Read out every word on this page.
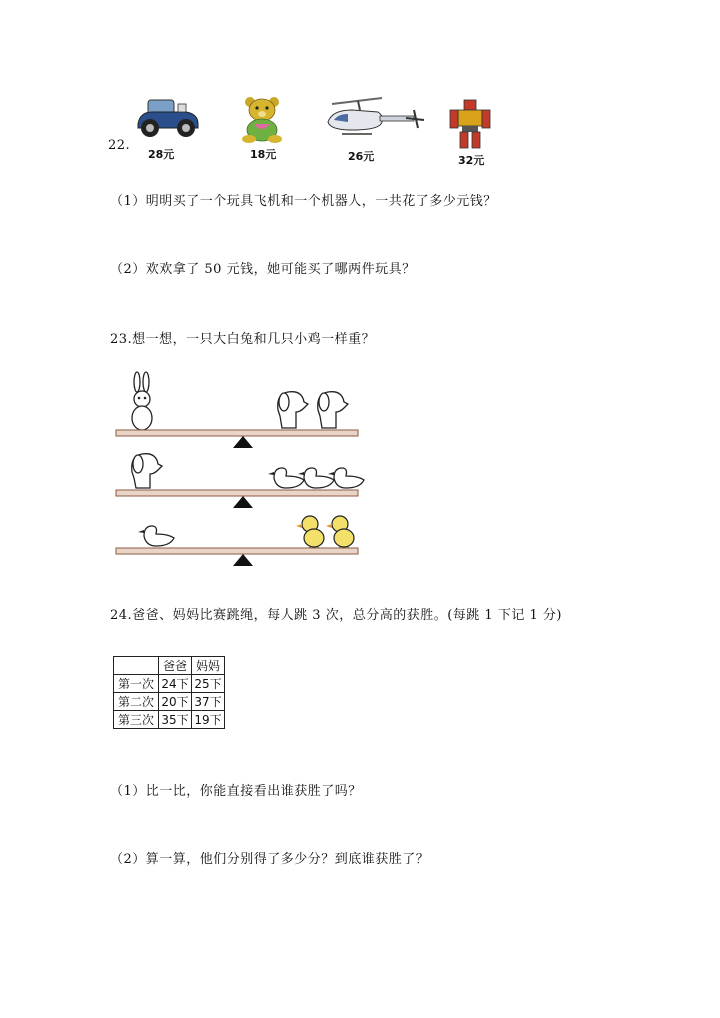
22.
28元	18元	26元	32元
（1）明明买了一个玩具飞机和一个机器人，一共花了多少元钱？
（2）欢欢拿了 50 元钱，她可能买了哪两件玩具？
23.想一想，一只大白兔和几只小鸡一样重？
24.爸爸、妈妈比赛跳绳，每人跳 3 次，总分高的获胜。(每跳 1 下记 1 分)
	爸爸	妈妈
第一次	24下	25下
第二次	20下	37下
第三次	35下	19下
（1）比一比，你能直接看出谁获胜了吗？
（2）算一算，他们分别得了多少分？到底谁获胜了？
